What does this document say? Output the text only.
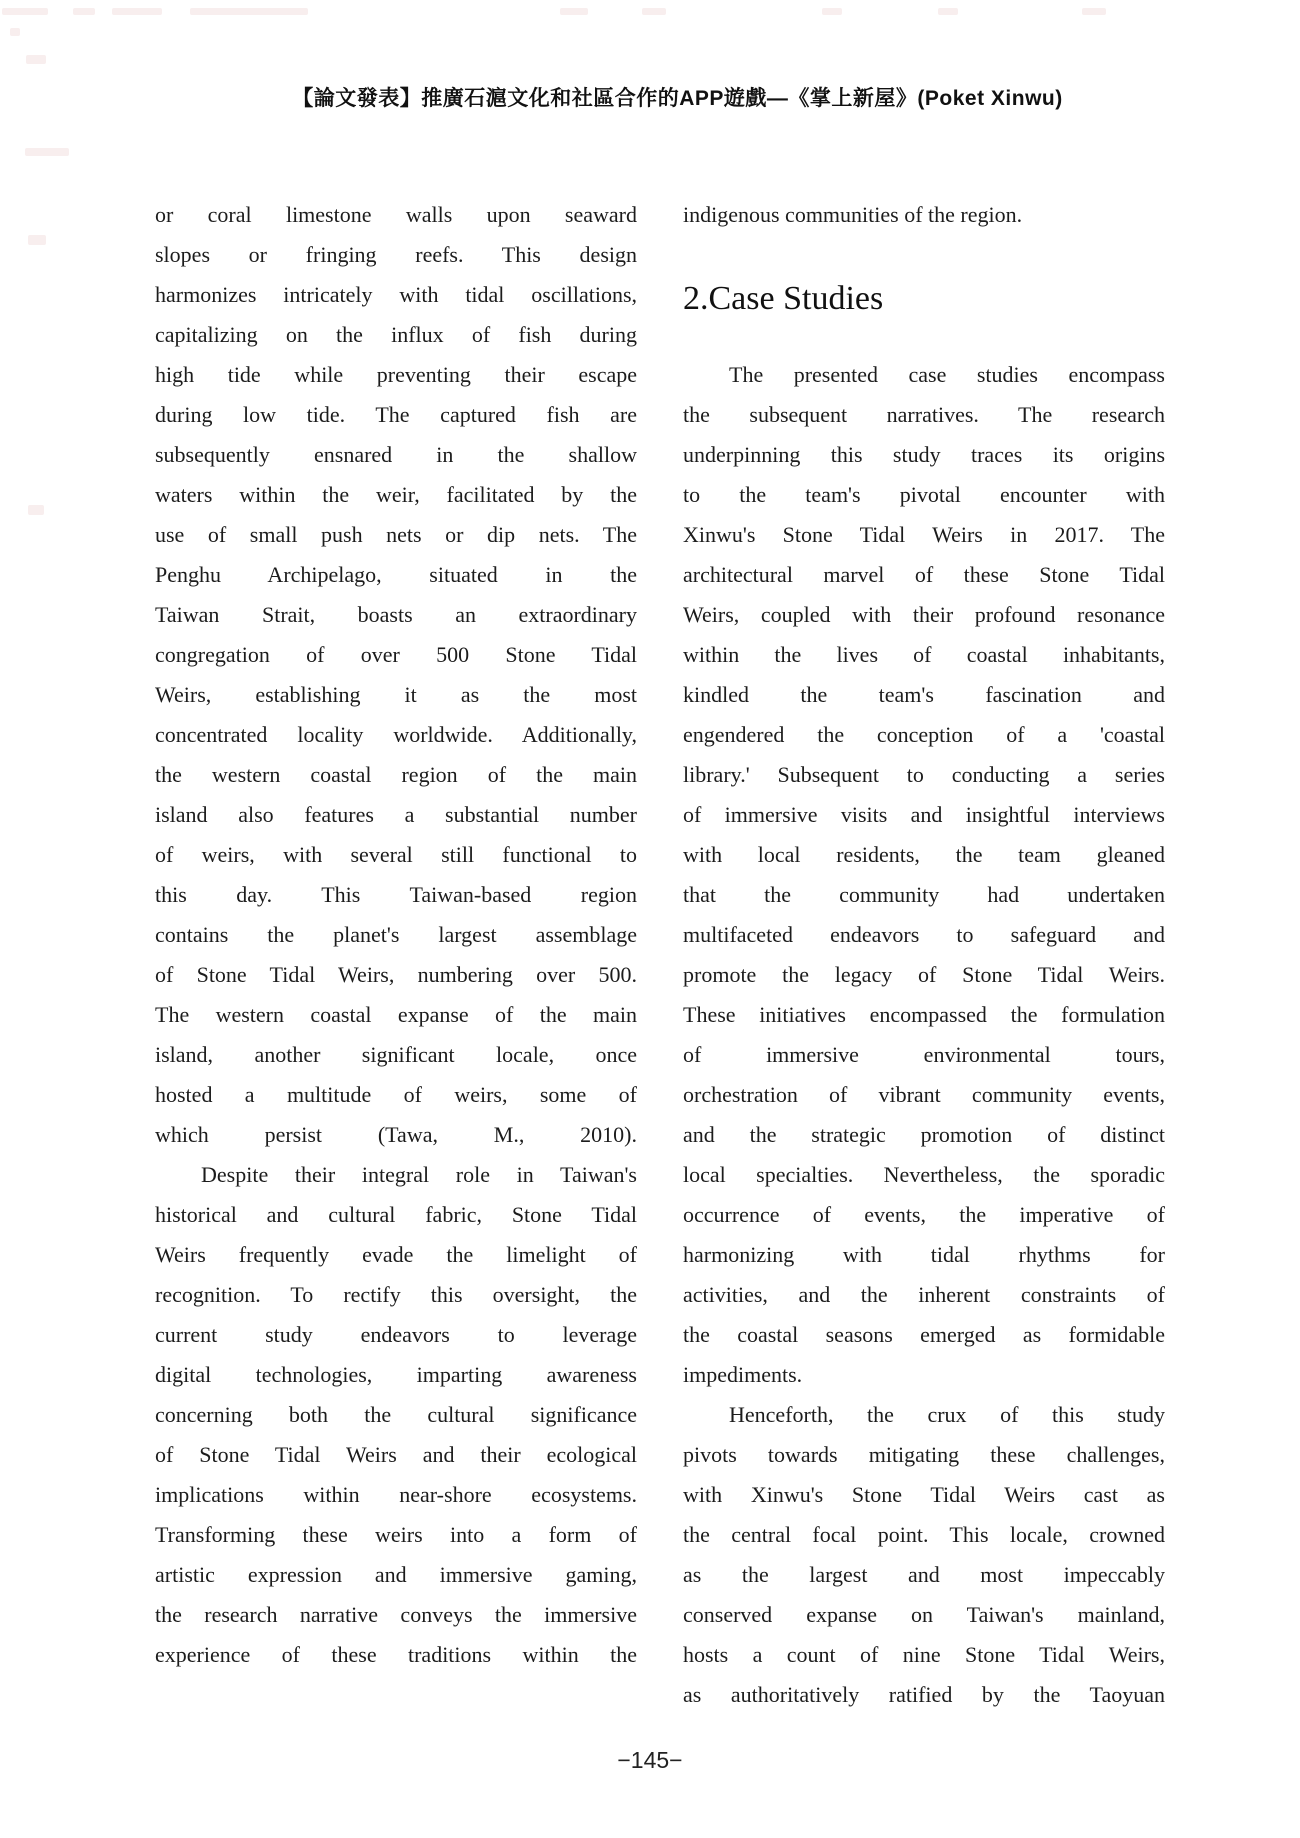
【論文發表】推廣石滬文化和社區合作的APP遊戲—《掌上新屋》(Poket Xinwu)
or coral limestone walls upon seaward
slopes or fringing reefs. This design
harmonizes intricately with tidal oscillations,
capitalizing on the influx of fish during
high tide while preventing their escape
during low tide. The captured fish are
subsequently ensnared in the shallow
waters within the weir, facilitated by the
use of small push nets or dip nets. The
Penghu Archipelago, situated in the
Taiwan Strait, boasts an extraordinary
congregation of over 500 Stone Tidal
Weirs, establishing it as the most
concentrated locality worldwide. Additionally,
the western coastal region of the main
island also features a substantial number
of weirs, with several still functional to
this day. This Taiwan-based region
contains the planet's largest assemblage
of Stone Tidal Weirs, numbering over 500.
The western coastal expanse of the main
island, another significant locale, once
hosted a multitude of weirs, some of
which persist (Tawa, M., 2010).
Despite their integral role in Taiwan's
historical and cultural fabric, Stone Tidal
Weirs frequently evade the limelight of
recognition. To rectify this oversight, the
current study endeavors to leverage
digital technologies, imparting awareness
concerning both the cultural significance
of Stone Tidal Weirs and their ecological
implications within near-shore ecosystems.
Transforming these weirs into a form of
artistic expression and immersive gaming,
the research narrative conveys the immersive
experience of these traditions within the
indigenous communities of the region.
2.Case Studies
The presented case studies encompass
the subsequent narratives. The research
underpinning this study traces its origins
to the team's pivotal encounter with
Xinwu's Stone Tidal Weirs in 2017. The
architectural marvel of these Stone Tidal
Weirs, coupled with their profound resonance
within the lives of coastal inhabitants,
kindled the team's fascination and
engendered the conception of a 'coastal
library.' Subsequent to conducting a series
of immersive visits and insightful interviews
with local residents, the team gleaned
that the community had undertaken
multifaceted endeavors to safeguard and
promote the legacy of Stone Tidal Weirs.
These initiatives encompassed the formulation
of immersive environmental tours,
orchestration of vibrant community events,
and the strategic promotion of distinct
local specialties. Nevertheless, the sporadic
occurrence of events, the imperative of
harmonizing with tidal rhythms for
activities, and the inherent constraints of
the coastal seasons emerged as formidable
impediments.
Henceforth, the crux of this study
pivots towards mitigating these challenges,
with Xinwu's Stone Tidal Weirs cast as
the central focal point. This locale, crowned
as the largest and most impeccably
conserved expanse on Taiwan's mainland,
hosts a count of nine Stone Tidal Weirs,
as authoritatively ratified by the Taoyuan
−145−
